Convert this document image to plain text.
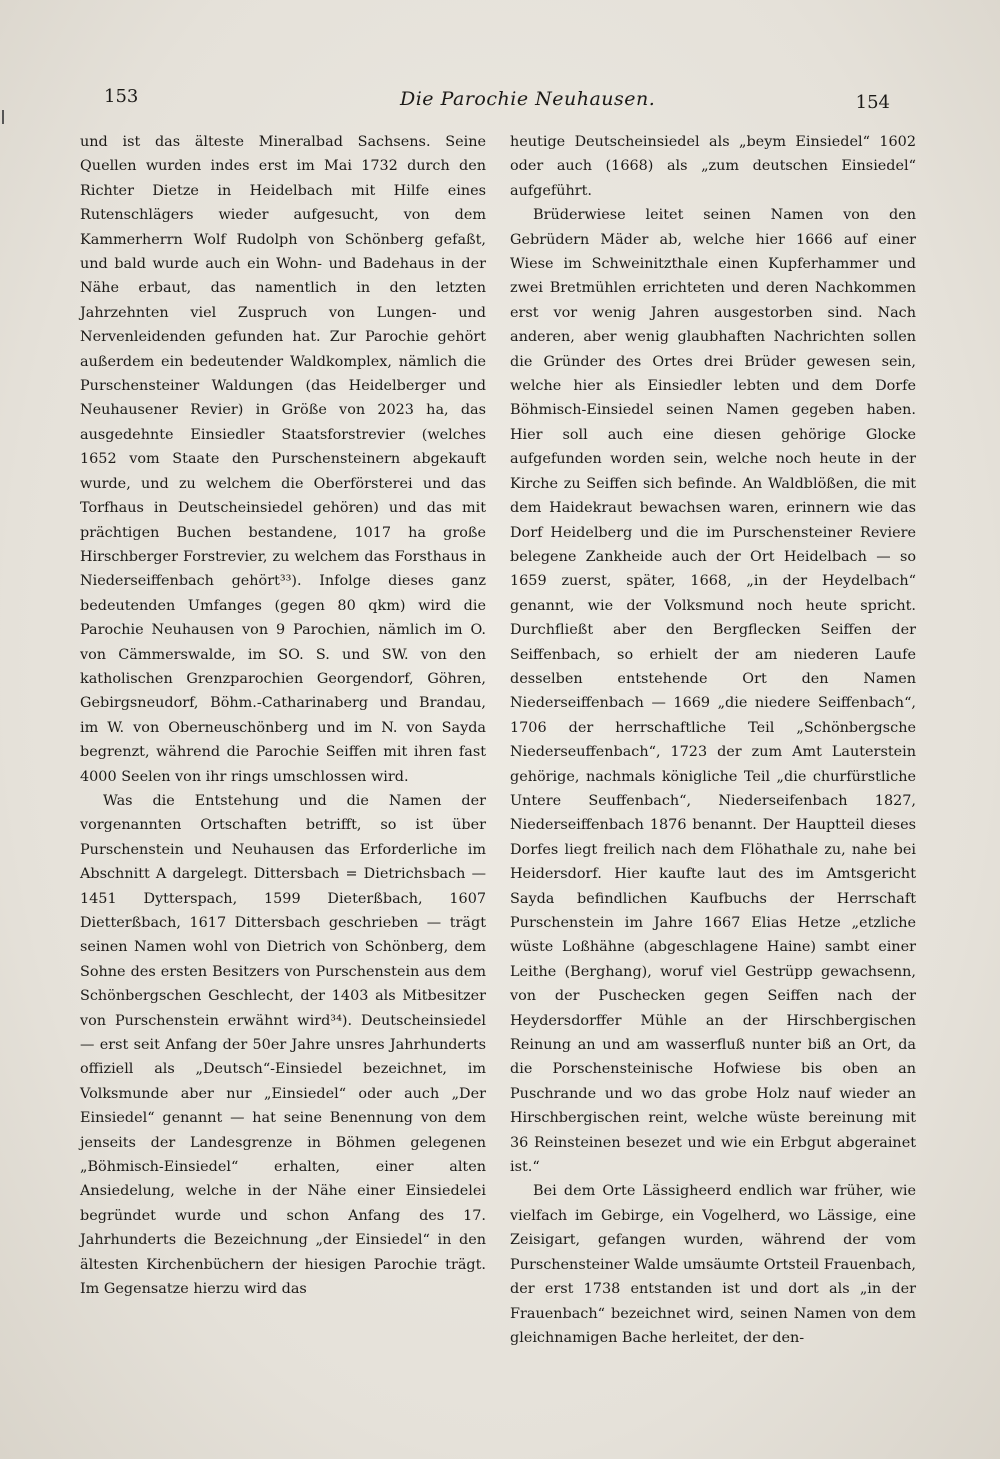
153	Die Parochie Neuhausen.	154

und ist das älteste Mineralbad Sachsens. Seine Quellen wurden indes erst im Mai 1732 durch den Richter Dietze in Heidelbach mit Hilfe eines Rutenschlägers wieder aufgesucht, von dem Kammerherrn Wolf Rudolph von Schönberg gefaßt, und bald wurde auch ein Wohn- und Badehaus in der Nähe erbaut, das namentlich in den letzten Jahrzehnten viel Zuspruch von Lungen- und Nervenleidenden gefunden hat. Zur Parochie gehört außerdem ein bedeutender Waldkomplex, nämlich die Purschensteiner Waldungen (das Heidelberger und Neuhausener Revier) in Größe von 2023 ha, das ausgedehnte Einsiedler Staatsforstrevier (welches 1652 vom Staate den Purschensteinern abgekauft wurde, und zu welchem die Oberförsterei und das Torfhaus in Deutscheinsiedel gehören) und das mit prächtigen Buchen bestandene, 1017 ha große Hirschberger Forstrevier, zu welchem das Forsthaus in Niederseiffenbach gehört³³). Infolge dieses ganz bedeutenden Umfanges (gegen 80 qkm) wird die Parochie Neuhausen von 9 Parochien, nämlich im O. von Cämmerswalde, im SO. S. und SW. von den katholischen Grenzparochien Georgendorf, Göhren, Gebirgsneudorf, Böhm.-Catharinaberg und Brandau, im W. von Oberneuschönberg und im N. von Sayda begrenzt, während die Parochie Seiffen mit ihren fast 4000 Seelen von ihr rings umschlossen wird.

Was die Entstehung und die Namen der vorgenannten Ortschaften betrifft, so ist über Purschenstein und Neuhausen das Erforderliche im Abschnitt A dargelegt. Dittersbach = Dietrichsbach — 1451 Dytterspach, 1599 Dieterßbach, 1607 Dietterßbach, 1617 Dittersbach geschrieben — trägt seinen Namen wohl von Dietrich von Schönberg, dem Sohne des ersten Besitzers von Purschenstein aus dem Schönbergschen Geschlecht, der 1403 als Mitbesitzer von Purschenstein erwähnt wird³⁴). Deutscheinsiedel — erst seit Anfang der 50er Jahre unsres Jahrhunderts offiziell als „Deutsch“-Einsiedel bezeichnet, im Volksmunde aber nur „Einsiedel“ oder auch „Der Einsiedel“ genannt — hat seine Benennung von dem jenseits der Landesgrenze in Böhmen gelegenen „Böhmisch-Einsiedel“ erhalten, einer alten Ansiedelung, welche in der Nähe einer Einsiedelei begründet wurde und schon Anfang des 17. Jahrhunderts die Bezeichnung „der Einsiedel“ in den ältesten Kirchenbüchern der hiesigen Parochie trägt. Im Gegensatze hierzu wird das

heutige Deutscheinsiedel als „beym Einsiedel“ 1602 oder auch (1668) als „zum deutschen Einsiedel“ aufgeführt.

Brüderwiese leitet seinen Namen von den Gebrüdern Mäder ab, welche hier 1666 auf einer Wiese im Schweinitzthale einen Kupferhammer und zwei Bretmühlen errichteten und deren Nachkommen erst vor wenig Jahren ausgestorben sind. Nach anderen, aber wenig glaubhaften Nachrichten sollen die Gründer des Ortes drei Brüder gewesen sein, welche hier als Einsiedler lebten und dem Dorfe Böhmisch-Einsiedel seinen Namen gegeben haben. Hier soll auch eine diesen gehörige Glocke aufgefunden worden sein, welche noch heute in der Kirche zu Seiffen sich befinde. An Waldblößen, die mit dem Haidekraut bewachsen waren, erinnern wie das Dorf Heidelberg und die im Purschensteiner Reviere belegene Zankheide auch der Ort Heidelbach — so 1659 zuerst, später, 1668, „in der Heydelbach“ genannt, wie der Volksmund noch heute spricht. Durchfließt aber den Bergflecken Seiffen der Seiffenbach, so erhielt der am niederen Laufe desselben entstehende Ort den Namen Niederseiffenbach — 1669 „die niedere Seiffenbach“, 1706 der herrschaftliche Teil „Schönbergsche Niederseuffenbach“, 1723 der zum Amt Lauterstein gehörige, nachmals königliche Teil „die churfürstliche Untere Seuffenbach“, Niederseifenbach 1827, Niederseiffenbach 1876 benannt. Der Hauptteil dieses Dorfes liegt freilich nach dem Flöhathale zu, nahe bei Heidersdorf. Hier kaufte laut des im Amtsgericht Sayda befindlichen Kaufbuchs der Herrschaft Purschenstein im Jahre 1667 Elias Hetze „etzliche wüste Loßhähne (abgeschlagene Haine) sambt einer Leithe (Berghang), woruf viel Gestrüpp gewachsenn, von der Puschecken gegen Seiffen nach der Heydersdorffer Mühle an der Hirschbergischen Reinung an und am wasserfluß nunter biß an Ort, da die Porschensteinische Hofwiese bis oben an Puschrande und wo das grobe Holz nauf wieder an Hirschbergischen reint, welche wüste bereinung mit 36 Reinsteinen besezet und wie ein Erbgut abgerainet ist.“

Bei dem Orte Lässigheerd endlich war früher, wie vielfach im Gebirge, ein Vogelherd, wo Lässige, eine Zeisigart, gefangen wurden, während der vom Purschensteiner Walde umsäumte Ortsteil Frauenbach, der erst 1738 entstanden ist und dort als „in der Frauenbach“ bezeichnet wird, seinen Namen von dem gleichnamigen Bache herleitet, der den-
